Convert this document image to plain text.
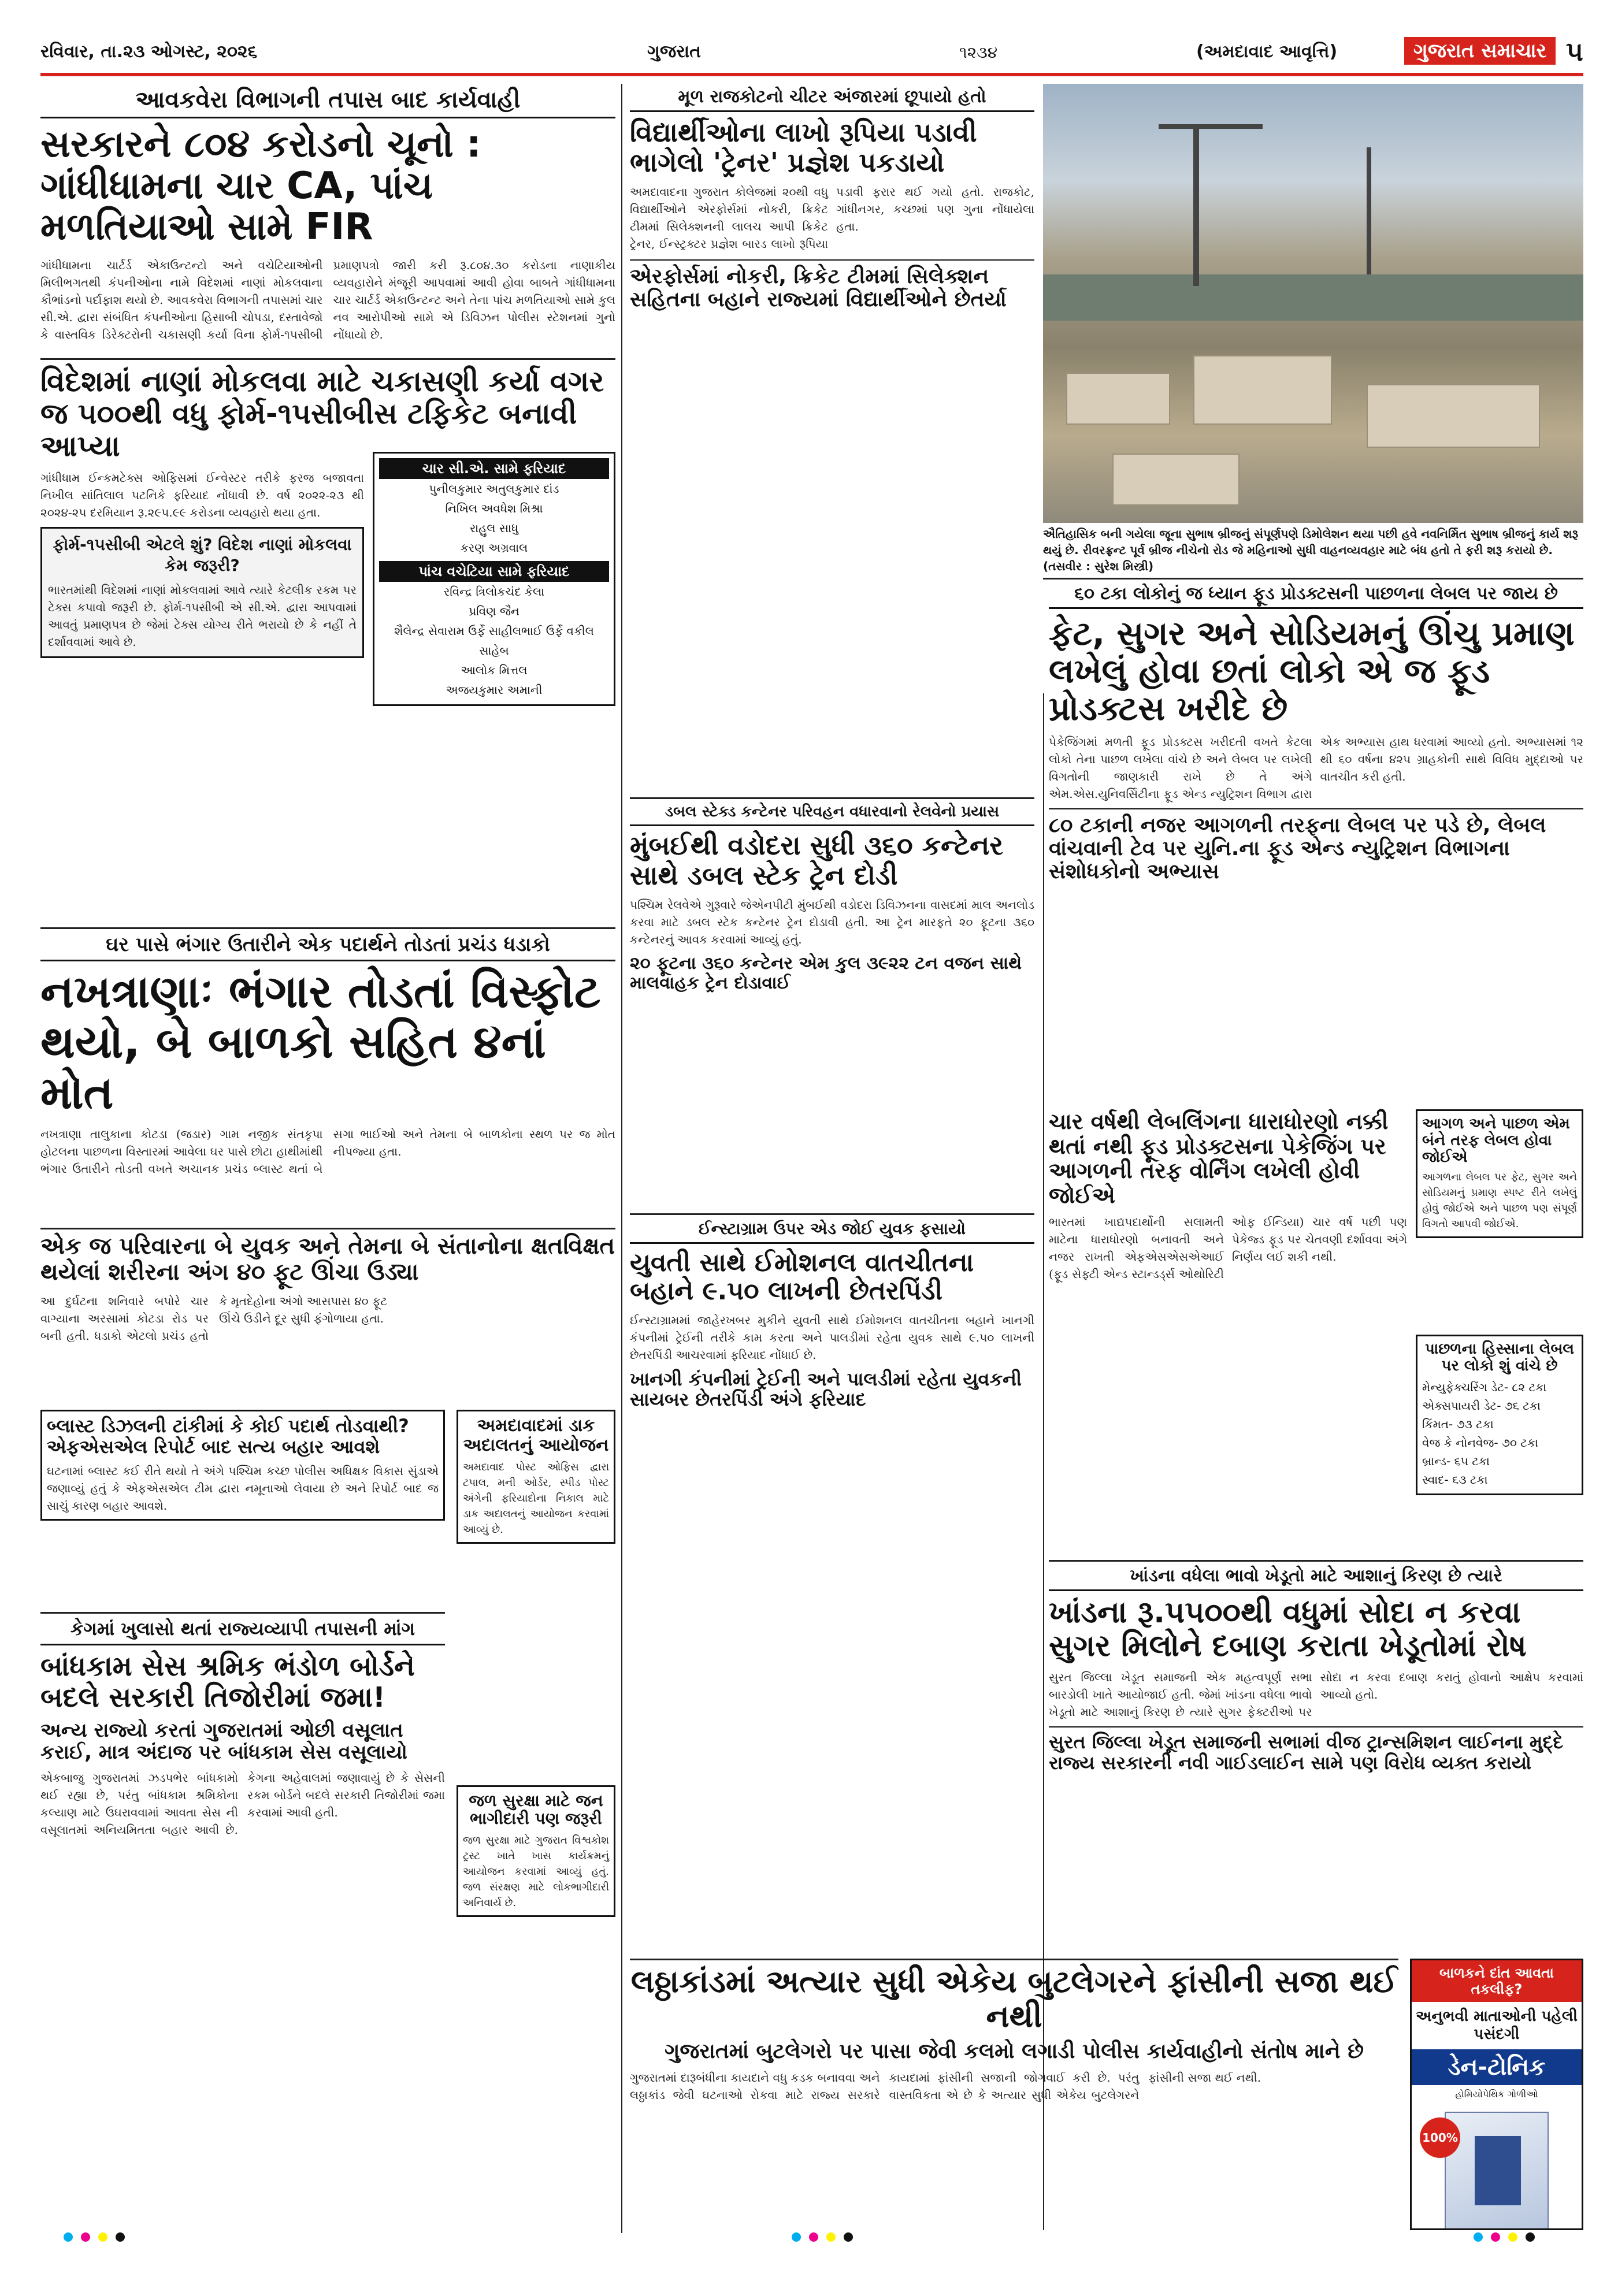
રવિવાર, તા.૨૩ ઓગસ્ટ, ૨૦૨૬	ગુજરાત	૧૨૩૪	(અમદાવાદ આવૃત્તિ)	ગુજરાત સમાચાર ૫
આવકવેરા વિભાગની તપાસ બાદ કાર્યવાહી
સરકારને ૮૦૪ કરોડનો ચૂનો : ગાંધીધામના ચાર CA, પાંચ મળતિયાઓ સામે FIR
ગાંધીધામના ચાર્ટર્ડ એકાઉન્ટન્ટો અને વચેટિયાઓની મિલીભગતથી કંપનીઓના નામે વિદેશમાં નાણાં મોકલવાના કૌભાંડનો પર્દાફાશ થયો છે. આવકવેરા વિભાગની તપાસમાં ચાર સી.એ. દ્વારા સંબંધિત કંપનીઓના હિસાબી ચોપડા, દસ્તાવેજો કે વાસ્તવિક ડિરેક્ટરોની ચકાસણી કર્યા વિના ફોર્મ-૧૫સીબી પ્રમાણપત્રો જારી કરી રૂ.૮૦૪.૩૦ કરોડના નાણાકીય વ્યવહારોને મંજૂરી આપવામાં આવી હોવા બાબતે ગાંધીધામના ચાર ચાર્ટર્ડ એકાઉન્ટન્ટ અને તેના પાંચ મળતિયાઓ સામે કુલ નવ આરોપીઓ સામે એ ડિવિઝન પોલીસ સ્ટેશનમાં ગુનો નોંધાયો છે.
વિદેશમાં નાણાં મોકલવા માટે ચકાસણી કર્યા વગર જ ૫૦૦થી વધુ ફોર્મ-૧૫સીબીસ ટફિકેટ બનાવી આપ્યા
ગાંધીધામ ઈન્કમટેક્સ ઓફિસમાં ઈન્વેસ્ટર તરીકે ફરજ બજાવતા નિખીલ સાંતિલાલ પટનિકે ફરિયાદ નોંધાવી છે. વર્ષ ૨૦૨૨-૨૩ થી ૨૦૨૪-૨૫ દરમિયાન રૂ.૨૯૫.૯૯ કરોડના વ્યવહારો થયા હતા.
ચાર સી.એ. સામે ફરિયાદ
પુનીલકુમાર અતુલકુમાર દાંડ
નિખિલ અવધેશ મિશ્રા
રાહુલ સાધુ
કરણ અગ્રવાલ
પાંચ વચેટિયા સામે ફરિયાદ
રવિન્દ્ર ત્રિલોકચંદ કેલા
પ્રવિણ જૈન
શૈલેન્દ્ર સેવારામ ઉર્ફે સાહીલભાઈ ઉર્ફે વકીલ સાહેબ
આલોક મિત્તલ
અજયકુમાર અમાની
ફોર્મ-૧૫સીબી એટલે શું? વિદેશ નાણાં મોકલવા કેમ જરૂરી?
ભારતમાંથી વિદેશમાં નાણાં મોકલવામાં આવે ત્યારે કેટલીક રકમ પર ટેક્સ કપાવો જરૂરી છે. ફોર્મ-૧૫સીબી એ સી.એ. દ્વારા આપવામાં આવતું પ્રમાણપત્ર છે જેમાં ટેક્સ યોગ્ય રીતે ભરાયો છે કે નહીં તે દર્શાવવામાં આવે છે.
ઘર પાસે ભંગાર ઉતારીને એક પદાર્થને તોડતાં પ્રચંડ ધડાકો
નખત્રાણાઃ ભંગાર તોડતાં વિસ્ફોટ થયો, બે બાળકો સહિત ૪નાં મોત
નખત્રાણા તાલુકાના કોટડા (જડાર) ગામ નજીક સંતકૃપા હોટલના પાછળના વિસ્તારમાં આવેલા ઘર પાસે છોટા હાથીમાંથી ભંગાર ઉતારીને તોડતી વખતે અચાનક પ્રચંડ બ્લાસ્ટ થતાં બે સગા ભાઈઓ અને તેમના બે બાળકોના સ્થળ પર જ મોત નીપજ્યા હતા.
એક જ પરિવારના બે યુવક અને તેમના બે સંતાનોના ક્ષતવિક્ષત થયેલાં શરીરના અંગ ૪૦ ફૂટ ઊંચા ઉડ્યા
આ દુર્ઘટના શનિવારે બપોરે ચાર વાગ્યાના અરસામાં કોટડા રોડ પર બની હતી. ધડાકો એટલો પ્રચંડ હતો કે મૃતદેહોના અંગો આસપાસ ૪૦ ફૂટ ઊંચે ઉડીને દૂર સુધી ફંગોળાયા હતા.
બ્લાસ્ટ ડિઝલની ટાંકીમાં કે કોઈ પદાર્થ તોડવાથી? એફએસએલ રિપોર્ટ બાદ સત્ય બહાર આવશે
ઘટનામાં બ્લાસ્ટ કઈ રીતે થયો તે અંગે પશ્ચિમ કચ્છ પોલીસ અધિક્ષક વિકાસ સુંડાએ જણાવ્યું હતું કે એફએસએલ ટીમ દ્વારા નમૂનાઓ લેવાયા છે અને રિપોર્ટ બાદ જ સાચું કારણ બહાર આવશે.
અમદાવાદમાં ડાક અદાલતનું આયોજન
અમદાવાદ પોસ્ટ ઓફિસ દ્વારા ટપાલ, મની ઓર્ડર, સ્પીડ પોસ્ટ અંગેની ફરિયાદોના નિકાલ માટે ડાક અદાલતનું આયોજન કરવામાં આવ્યું છે.
કેગમાં ખુલાસો થતાં રાજ્યવ્યાપી તપાસની માંગ
બાંધકામ સેસ શ્રમિક ભંડોળ બોર્ડને બદલે સરકારી તિજોરીમાં જમા!
અન્ય રાજ્યો કરતાં ગુજરાતમાં ઓછી વસૂલાત કરાઈ, માત્ર અંદાજ પર બાંધકામ સેસ વસૂલાયો
એકબાજુ ગુજરાતમાં ઝડપભેર બાંધકામો થઈ રહ્યા છે, પરંતુ બાંધકામ શ્રમિકોના કલ્યાણ માટે ઉઘરાવવામાં આવતા સેસ ની વસૂલાતમાં અનિયમિતતા બહાર આવી છે. કેગના અહેવાલમાં જણાવાયું છે કે સેસની રકમ બોર્ડને બદલે સરકારી તિજોરીમાં જમા કરવામાં આવી હતી.
જળ સુરક્ષા માટે જન ભાગીદારી પણ જરૂરી
જળ સુરક્ષા માટે ગુજરાત વિશ્વકોશ ટ્રસ્ટ ખાતે ખાસ કાર્યક્રમનું આયોજન કરવામાં આવ્યું હતું. જળ સંરક્ષણ માટે લોકભાગીદારી અનિવાર્ય છે.
મૂળ રાજકોટનો ચીટર અંજારમાં છૂપાયો હતો
વિદ્યાર્થીઓના લાખો રૂપિયા પડાવી ભાગેલો 'ટ્રેનર' પ્રજ્ઞેશ પકડાયો
અમદાવાદના ગુજરાત કોલેજમાં ૨૦થી વધુ વિદ્યાર્થીઓને એરફોર્સમાં નોકરી, ક્રિકેટ ટીમમાં સિલેક્શનની લાલચ આપી ક્રિકેટ ટ્રેનર, ઈન્સ્ટ્રક્ટર પ્રજ્ઞેશ બારડ લાખો રૂપિયા પડાવી ફરાર થઈ ગયો હતો. રાજકોટ, ગાંધીનગર, કચ્છમાં પણ ગુના નોંધાયેલા હતા.
એરફોર્સમાં નોકરી, ક્રિકેટ ટીમમાં સિલેક્શન સહિતના બહાને રાજ્યમાં વિદ્યાર્થીઓને છેતર્યા
ઐતિહાસિક બની ગયેલા જૂના સુભાષ બ્રીજનું સંપૂર્ણપણે ડિમોલેશન થયા પછી હવે નવનિર્મિત સુભાષ બ્રીજનું કાર્ય શરૂ થયું છે. રીવરફ્રન્ટ પૂર્વ બ્રીજ નીચેનો રોડ જે મહિનાઓ સુધી વાહનવ્યવહાર માટે બંધ હતો તે ફરી શરૂ કરાયો છે. (તસવીર : સુરેશ મિસ્ત્રી)
૬૦ ટકા લોકોનું જ ધ્યાન ફૂડ પ્રોડક્ટસની પાછળના લેબલ પર જાય છે
ફેટ, સુગર અને સોડિયમનું ઊંચુ પ્રમાણ લખેલું હોવા છતાં લોકો એ જ ફૂડ પ્રોડક્ટસ ખરીદે છે
પેકેજિંગમાં મળતી ફૂડ પ્રોડક્ટસ ખરીદતી વખતે કેટલા લોકો તેના પાછળ લખેલા વાંચે છે અને લેબલ પર લખેલી વિગતોની જાણકારી રાખે છે તે અંગે એમ.એસ.યુનિવર્સિટીના ફૂડ એન્ડ ન્યુટ્રિશન વિભાગ દ્વારા એક અભ્યાસ હાથ ધરવામાં આવ્યો હતો. અભ્યાસમાં ૧૨ થી ૬૦ વર્ષના ૪૨૫ ગ્રાહકોની સાથે વિવિધ મુદ્દાઓ પર વાતચીત કરી હતી.
૮૦ ટકાની નજર આગળની તરફના લેબલ પર પડે છે, લેબલ વાંચવાની ટેવ પર યુનિ.ના ફૂડ એન્ડ ન્યુટ્રિશન વિભાગના સંશોધકોનો અભ્યાસ
ચાર વર્ષથી લેબલિંગના ધારાધોરણો નક્કી થતાં નથી ફૂડ પ્રોડક્ટસના પેકેજિંગ પર આગળની તરફ વોર્નિંગ લખેલી હોવી જોઈએ
ભારતમાં ખાદ્યપદાર્થોની સલામતી માટેના ધારાધોરણો બનાવતી અને નજર રાખતી એફએસએસએઆઈ (ફૂડ સેફ્ટી એન્ડ સ્ટાન્ડર્ડ્સ ઓથોરિટી ઓફ ઈન્ડિયા) ચાર વર્ષ પછી પણ પેકેજ્ડ ફૂડ પર ચેતવણી દર્શાવવા અંગે નિર્ણય લઈ શકી નથી.
આગળ અને પાછળ એમ બંને તરફ લેબલ હોવા જોઈએ
આગળના લેબલ પર ફેટ, સુગર અને સોડિયમનું પ્રમાણ સ્પષ્ટ રીતે લખેલું હોવું જોઈએ અને પાછળ પણ સંપૂર્ણ વિગતો આપવી જોઈએ.
પાછળના હિસ્સાના લેબલ પર લોકો શું વાંચે છે
મેન્યુફેક્ચરિંગ ડેટ- ૮૨ ટકા
એક્સપાયરી ડેટ- ૭૬ ટકા
કિંમત- ૭૩ ટકા
વેજ કે નોનવેજ- ૭૦ ટકા
બ્રાન્ડ- ૬૫ ટકા
સ્વાદ- ૬૩ ટકા
ડબલ સ્ટેક્ડ કન્ટેનર પરિવહન વધારવાનો રેલવેનો પ્રયાસ
મુંબઈથી વડોદરા સુધી ૩૬૦ કન્ટેનર સાથે ડબલ સ્ટેક ટ્રેન દોડી
પશ્ચિમ રેલવેએ ગુરૂવારે જેએનપીટી મુંબઈથી વડોદરા ડિવિઝનના વાસદમાં માલ અનલોડ કરવા માટે ડબલ સ્ટેક કન્ટેનર ટ્રેન દોડાવી હતી. આ ટ્રેન મારફતે ૨૦ ફૂટના ૩૬૦ કન્ટેનરનું આવક કરવામાં આવ્યું હતું.
૨૦ ફૂટના ૩૬૦ કન્ટેનર એમ કુલ ૩૯૨૨ ટન વજન સાથે માલવાહક ટ્રેન દોડાવાઈ
ઈન્સ્ટાગ્રામ ઉપર એડ જોઈ યુવક ફસાયો
યુવતી સાથે ઈમોશનલ વાતચીતના બહાને ૯.૫૦ લાખની છેતરપિંડી
ઈન્સ્ટાગ્રામમાં જાહેરખબર મુકીને યુવતી સાથે ઈમોશનલ વાતચીતના બહાને ખાનગી કંપનીમાં ટ્રેઈની તરીકે કામ કરતા અને પાલડીમાં રહેતા યુવક સાથે ૯.૫૦ લાખની છેતરપિંડી આચરવામાં ફરિયાદ નોંધાઈ છે.
ખાનગી કંપનીમાં ટ્રેઈની અને પાલડીમાં રહેતા યુવકની સાયબર છેતરપિંડી અંગે ફરિયાદ
ખાંડના વધેલા ભાવો ખેડૂતો માટે આશાનું કિરણ છે ત્યારે
ખાંડના રૂ.૫૫૦૦થી વધુમાં સોદા ન કરવા સુગર મિલોને દબાણ કરાતા ખેડૂતોમાં રોષ
સુરત જિલ્લા ખેડૂત સમાજની એક મહત્વપૂર્ણ સભા બારડોલી ખાતે આયોજાઈ હતી. જેમાં ખાંડના વધેલા ભાવો ખેડૂતો માટે આશાનું કિરણ છે ત્યારે સુગર ફેક્ટરીઓ પર સોદા ન કરવા દબાણ કરાતું હોવાનો આક્ષેપ કરવામાં આવ્યો હતો.
સુરત જિલ્લા ખેડૂત સમાજની સભામાં વીજ ટ્રાન્સમિશન લાઈનના મુદ્દે રાજ્ય સરકારની નવી ગાઈડલાઈન સામે પણ વિરોધ વ્યક્ત કરાયો
લઠ્ઠાકાંડમાં અત્યાર સુધી એકેય બુટલેગરને ફાંસીની સજા થઈ નથી
ગુજરાતમાં બુટલેગરો પર પાસા જેવી કલમો લગાડી પોલીસ કાર્યવાહીનો સંતોષ માને છે
ગુજરાતમાં દારૂબંધીના કાયદાને વધુ કડક બનાવવા અને લઠ્ઠાકાંડ જેવી ઘટનાઓ રોકવા માટે રાજ્ય સરકારે કાયદામાં ફાંસીની સજાની જોગવાઈ કરી છે. પરંતુ વાસ્તવિકતા એ છે કે અત્યાર સુધી એકેય બુટલેગરને ફાંસીની સજા થઈ નથી.
બાળકને દાંત આવતા તકલીફ?
અનુભવી માતાઓની પહેલી પસંદગી
ડેન-ટોનિક
હોમિયોપેથિક ગોળીઓ
100%
